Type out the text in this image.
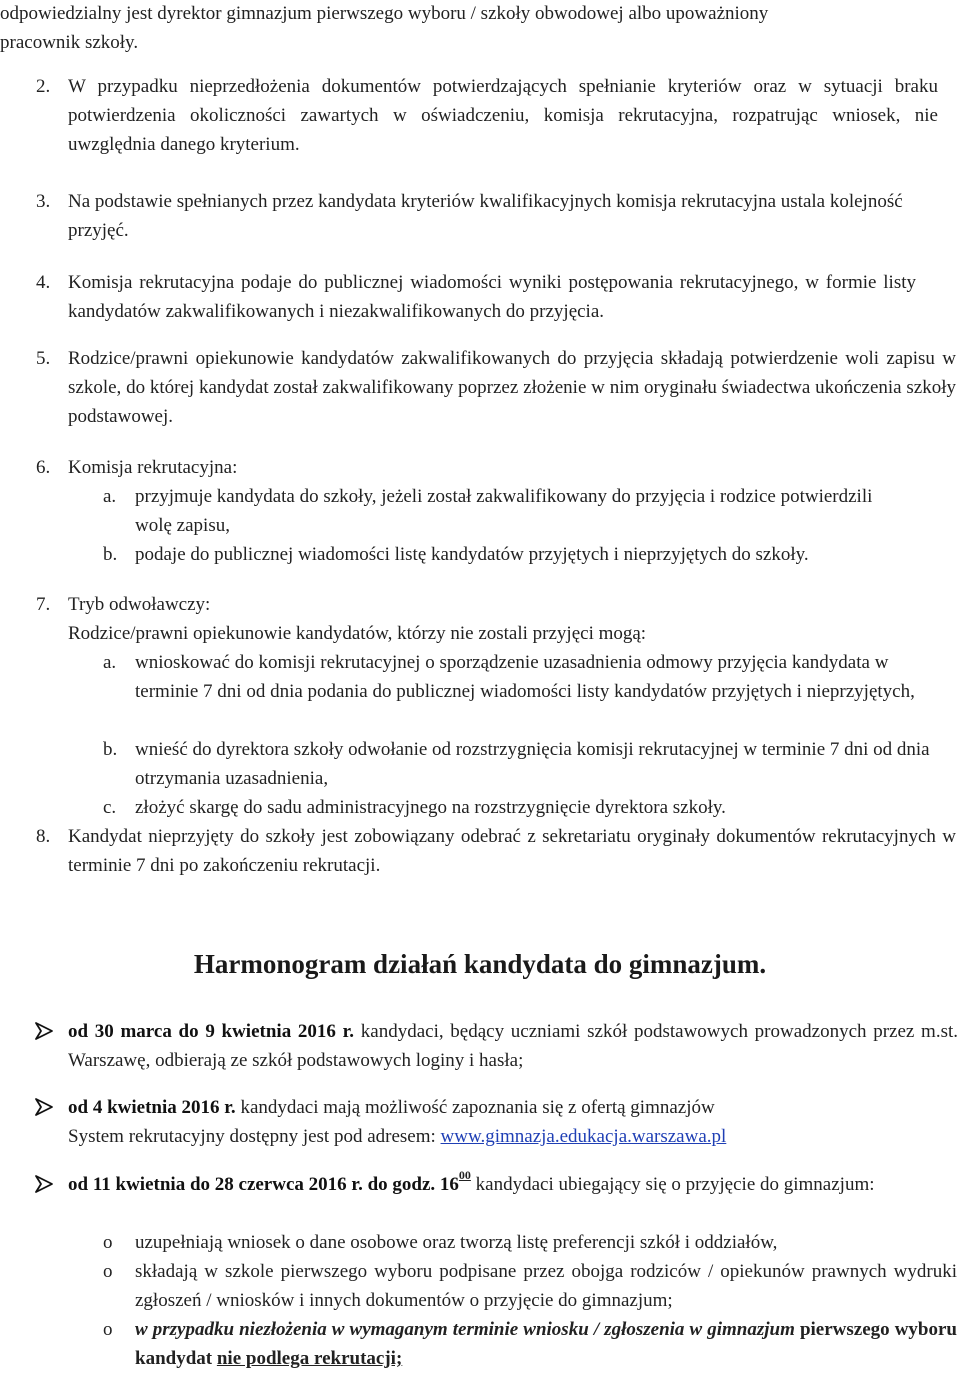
odpowiedzialny jest dyrektor gimnazjum pierwszego wyboru / szkoły obwodowej albo upoważniony
pracownik szkoły.
2. W przypadku nieprzedłożenia dokumentów potwierdzających spełnianie kryteriów oraz w sytuacji braku potwierdzenia okoliczności zawartych w oświadczeniu, komisja rekrutacyjna, rozpatrując wniosek, nie uwzględnia danego kryterium.
3. Na podstawie spełnianych przez kandydata kryteriów kwalifikacyjnych komisja rekrutacyjna ustala kolejność przyjęć.
4. Komisja rekrutacyjna podaje do publicznej wiadomości wyniki postępowania rekrutacyjnego, w formie listy kandydatów zakwalifikowanych i niezakwalifikowanych do przyjęcia.
5. Rodzice/prawni opiekunowie kandydatów zakwalifikowanych do przyjęcia składają potwierdzenie woli zapisu w szkole, do której kandydat został zakwalifikowany poprzez złożenie w nim oryginału świadectwa ukończenia szkoły podstawowej.
6. Komisja rekrutacyjna:
a. przyjmuje kandydata do szkoły, jeżeli został zakwalifikowany do przyjęcia i rodzice potwierdzili wolę zapisu,
b. podaje do publicznej wiadomości listę kandydatów przyjętych i nieprzyjętych do szkoły.
7. Tryb odwoławczy:
Rodzice/prawni opiekunowie kandydatów, którzy nie zostali przyjęci mogą:
a. wnioskować do komisji rekrutacyjnej o sporządzenie uzasadnienia odmowy przyjęcia kandydata w terminie 7 dni od dnia podania do publicznej wiadomości listy kandydatów przyjętych i nieprzyjętych,
b. wnieść do dyrektora szkoły odwołanie od rozstrzygnięcia komisji rekrutacyjnej w terminie 7 dni od dnia otrzymania uzasadnienia,
c. złożyć skargę do sadu administracyjnego na rozstrzygnięcie dyrektora szkoły.
8. Kandydat nieprzyjęty do szkoły jest zobowiązany odebrać z sekretariatu oryginały dokumentów rekrutacyjnych w terminie 7 dni po zakończeniu rekrutacji.
Harmonogram działań kandydata do gimnazjum.
od 30 marca do 9 kwietnia 2016 r. kandydaci, będący uczniami szkół podstawowych prowadzonych przez m.st. Warszawę, odbierają ze szkół podstawowych loginy i hasła;
od 4 kwietnia 2016 r. kandydaci mają możliwość zapoznania się z ofertą gimnazjów
System rekrutacyjny dostępny jest pod adresem: www.gimnazja.edukacja.warszawa.pl
od 11 kwietnia do 28 czerwca 2016 r. do godz. $16^{00}$ kandydaci ubiegający się o przyjęcie do gimnazjum:
o uzupełniają wniosek o dane osobowe oraz tworzą listę preferencji szkół i oddziałów,
o składają w szkole pierwszego wyboru podpisane przez obojga rodziców / opiekunów prawnych wydruki zgłoszeń / wniosków i innych dokumentów o przyjęcie do gimnazjum;
o w przypadku niezłożenia w wymaganym terminie wniosku / zgłoszenia w gimnazjum pierwszego wyboru kandydat nie podlega rekrutacji;
